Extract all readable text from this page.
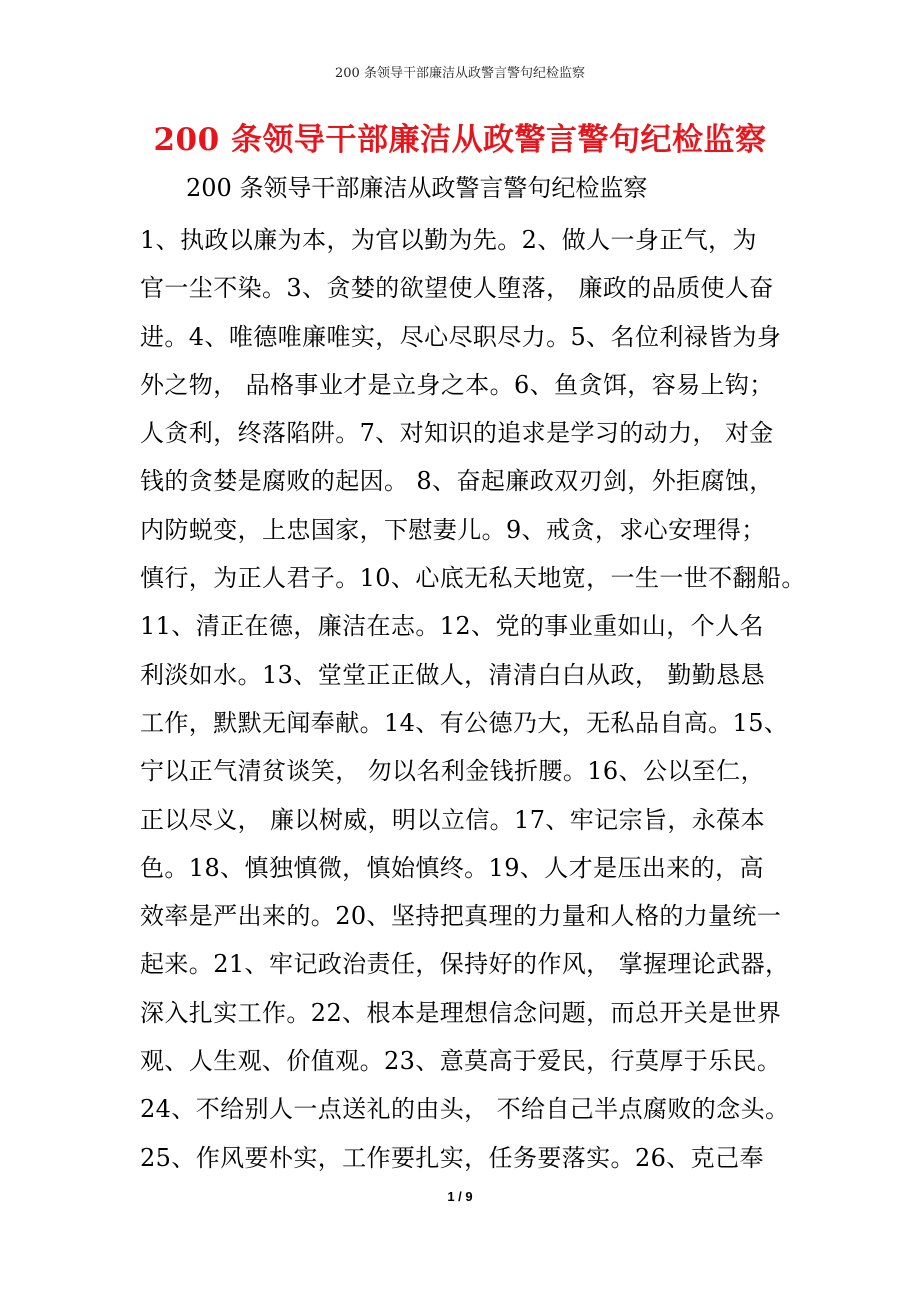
200 条领导干部廉洁从政警言警句纪检监察
200 条领导干部廉洁从政警言警句纪检监察
200 条领导干部廉洁从政警言警句纪检监察
1、执政以廉为本，为官以勤为先。2、做人一身正气，为
官一尘不染。3、贪婪的欲望使人堕落， 廉政的品质使人奋
进。4、唯德唯廉唯实，尽心尽职尽力。5、名位利禄皆为身
外之物， 品格事业才是立身之本。6、鱼贪饵，容易上钩；
人贪利，终落陷阱。7、对知识的追求是学习的动力， 对金
钱的贪婪是腐败的起因。 8、奋起廉政双刃剑，外拒腐蚀，
内防蜕变，上忠国家，下慰妻儿。9、戒贪，求心安理得；
慎行，为正人君子。10、心底无私天地宽，一生一世不翻船。
11、清正在德，廉洁在志。12、党的事业重如山，个人名
利淡如水。13、堂堂正正做人，清清白白从政， 勤勤恳恳
工作，默默无闻奉献。14、有公德乃大，无私品自高。15、
宁以正气清贫谈笑， 勿以名利金钱折腰。16、公以至仁，
正以尽义， 廉以树威，明以立信。17、牢记宗旨，永葆本
色。18、慎独慎微，慎始慎终。19、人才是压出来的，高
效率是严出来的。20、坚持把真理的力量和人格的力量统一
起来。21、牢记政治责任，保持好的作风， 掌握理论武器，
深入扎实工作。22、根本是理想信念问题，而总开关是世界
观、人生观、价值观。23、意莫高于爱民，行莫厚于乐民。
24、不给别人一点送礼的由头， 不给自己半点腐败的念头。
25、作风要朴实，工作要扎实，任务要落实。26、克己奉
1 / 9
